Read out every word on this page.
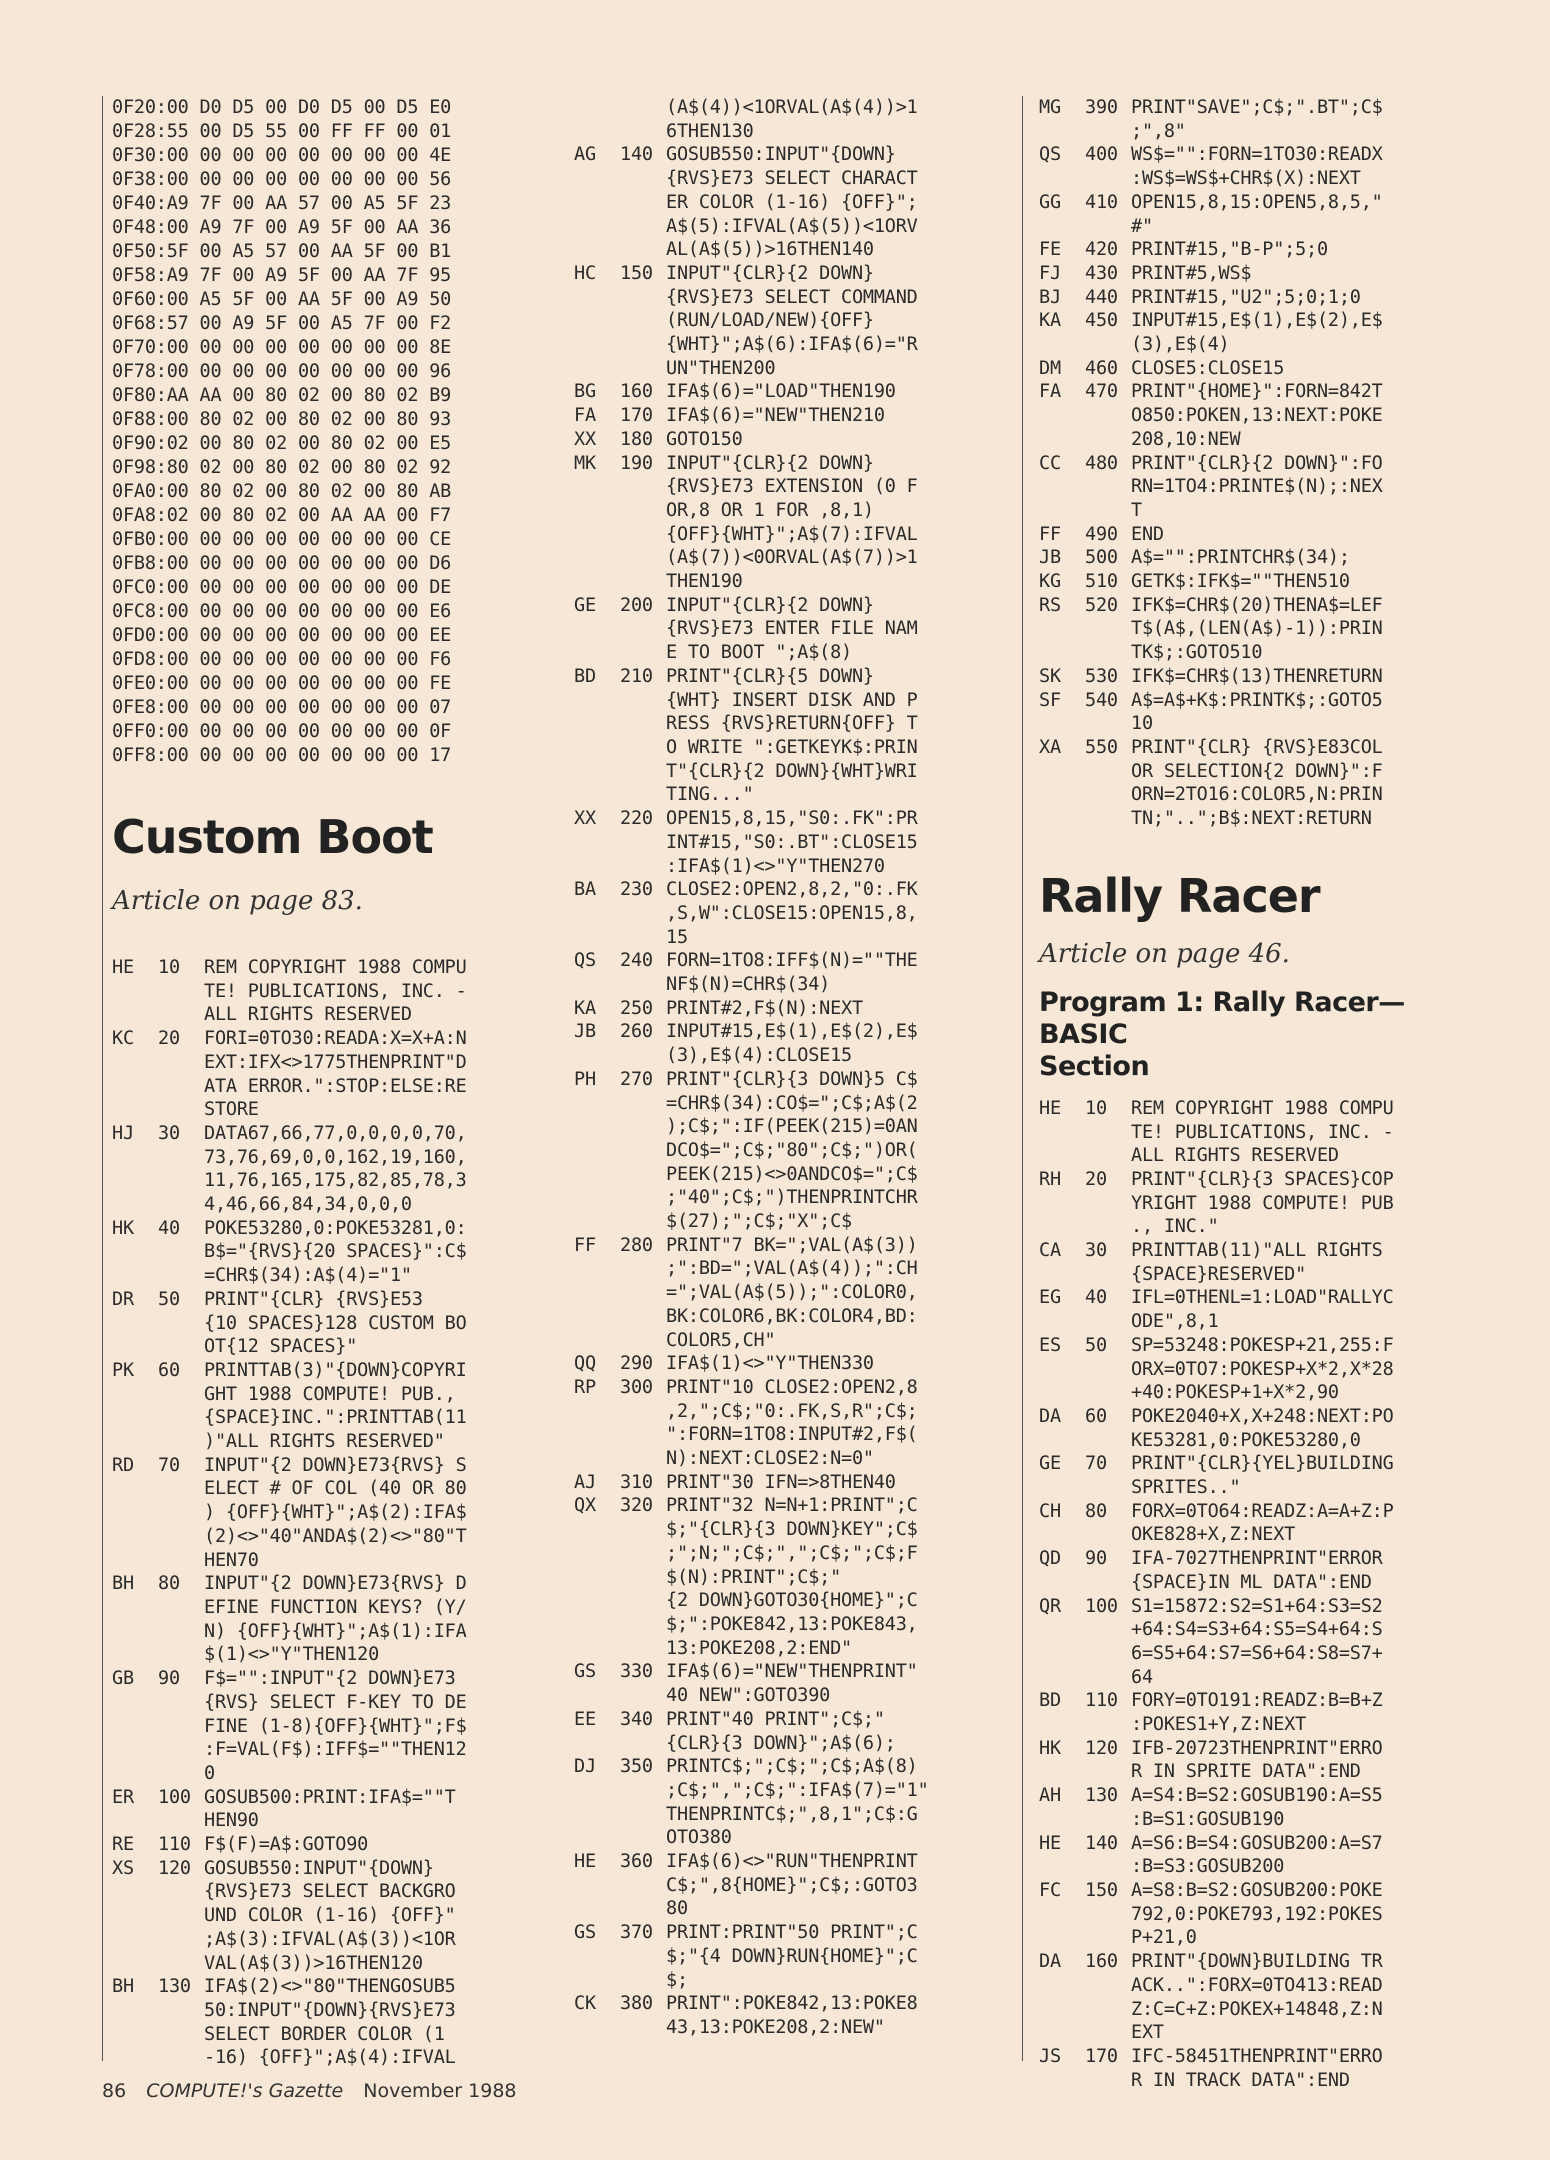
0F20:00 D0 D5 00 D0 D5 00 D5 E0
0F28:55 00 D5 55 00 FF FF 00 01
0F30:00 00 00 00 00 00 00 00 4E
0F38:00 00 00 00 00 00 00 00 56
0F40:A9 7F 00 AA 57 00 A5 5F 23
0F48:00 A9 7F 00 A9 5F 00 AA 36
0F50:5F 00 A5 57 00 AA 5F 00 B1
0F58:A9 7F 00 A9 5F 00 AA 7F 95
0F60:00 A5 5F 00 AA 5F 00 A9 50
0F68:57 00 A9 5F 00 A5 7F 00 F2
0F70:00 00 00 00 00 00 00 00 8E
0F78:00 00 00 00 00 00 00 00 96
0F80:AA AA 00 80 02 00 80 02 B9
0F88:00 80 02 00 80 02 00 80 93
0F90:02 00 80 02 00 80 02 00 E5
0F98:80 02 00 80 02 00 80 02 92
0FA0:00 80 02 00 80 02 00 80 AB
0FA8:02 00 80 02 00 AA AA 00 F7
0FB0:00 00 00 00 00 00 00 00 CE
0FB8:00 00 00 00 00 00 00 00 D6
0FC0:00 00 00 00 00 00 00 00 DE
0FC8:00 00 00 00 00 00 00 00 E6
0FD0:00 00 00 00 00 00 00 00 EE
0FD8:00 00 00 00 00 00 00 00 F6
0FE0:00 00 00 00 00 00 00 00 FE
0FE8:00 00 00 00 00 00 00 00 07
0FF0:00 00 00 00 00 00 00 00 0F
0FF8:00 00 00 00 00 00 00 00 17
Custom Boot

Article on page 83.

HE	10	REM COPYRIGHT 1988 COMPU
TE! PUBLICATIONS, INC. -
ALL RIGHTS RESERVED
KC	20	FORI=0TO30:READA:X=X+A:N
EXT:IFX<>1775THENPRINT"D
ATA ERROR.":STOP:ELSE:RE
STORE
HJ	30	DATA67,66,77,0,0,0,0,70,
73,76,69,0,0,162,19,160,
11,76,165,175,82,85,78,3
4,46,66,84,34,0,0,0
HK	40	POKE53280,0:POKE53281,0:
B$="{RVS}{20 SPACES}":C$
=CHR$(34):A$(4)="1"
DR	50	PRINT"{CLR} {RVS}E53
{10 SPACES}128 CUSTOM BO
OT{12 SPACES}"
PK	60	PRINTTAB(3)"{DOWN}COPYRI
GHT 1988 COMPUTE! PUB.,
{SPACE}INC.":PRINTTAB(11
)"ALL RIGHTS RESERVED"
RD	70	INPUT"{2 DOWN}E73{RVS} S
ELECT # OF COL (40 OR 80
) {OFF}{WHT}";A$(2):IFA$
(2)<>"40"ANDA$(2)<>"80"T
HEN70
BH	80	INPUT"{2 DOWN}E73{RVS} D
EFINE FUNCTION KEYS? (Y/
N) {OFF}{WHT}";A$(1):IFA
$(1)<>"Y"THEN120
GB	90	F$="":INPUT"{2 DOWN}E73
{RVS} SELECT F-KEY TO DE
FINE (1-8){OFF}{WHT}";F$
:F=VAL(F$):IFF$=""THEN12
0
ER	100 GOSUB500:PRINT:IFA$=""T
HEN90
RE	110 F$(F)=A$:GOTO90
XS	120 GOSUB550:INPUT"{DOWN}
{RVS}E73 SELECT BACKGRO
UND COLOR (1-16) {OFF}"
;A$(3):IFVAL(A$(3))<1OR
VAL(A$(3))>16THEN120
BH	130 IFA$(2)<>"80"THENGOSUB5
50:INPUT"{DOWN}{RVS}E73
SELECT BORDER COLOR (1
-16) {OFF}";A$(4):IFVAL
(A$(4))<1ORVAL(A$(4))>1
6THEN130
AG	140 GOSUB550:INPUT"{DOWN}
{RVS}E73 SELECT CHARACT
ER COLOR (1-16) {OFF}";
A$(5):IFVAL(A$(5))<1ORV
AL(A$(5))>16THEN140
HC	150 INPUT"{CLR}{2 DOWN}
{RVS}E73 SELECT COMMAND
(RUN/LOAD/NEW){OFF}
{WHT}";A$(6):IFA$(6)="R
UN"THEN200
BG	160 IFA$(6)="LOAD"THEN190
FA	170 IFA$(6)="NEW"THEN210
XX	180 GOTO150
MK	190 INPUT"{CLR}{2 DOWN}
{RVS}E73 EXTENSION (0 F
OR,8 OR 1 FOR ,8,1)
{OFF}{WHT}";A$(7):IFVAL
(A$(7))<0ORVAL(A$(7))>1
THEN190
GE	200 INPUT"{CLR}{2 DOWN}
{RVS}E73 ENTER FILE NAM
E TO BOOT ";A$(8)
BD	210 PRINT"{CLR}{5 DOWN}
{WHT} INSERT DISK AND P
RESS {RVS}RETURN{OFF} T
O WRITE ":GETKEYK$:PRIN
T"{CLR}{2 DOWN}{WHT}WRI
TING..."
XX	220 OPEN15,8,15,"S0:.FK":PR
INT#15,"S0:.BT":CLOSE15
:IFA$(1)<>"Y"THEN270
BA	230 CLOSE2:OPEN2,8,2,"0:.FK
,S,W":CLOSE15:OPEN15,8,
15
QS	240 FORN=1TO8:IFF$(N)=""THE
NF$(N)=CHR$(34)
KA	250 PRINT#2,F$(N):NEXT
JB	260 INPUT#15,E$(1),E$(2),E$
(3),E$(4):CLOSE15
PH	270 PRINT"{CLR}{3 DOWN}5 C$
=CHR$(34):CO$=";C$;A$(2
);C$;":IF(PEEK(215)=0AN
DCO$=";C$;"80";C$;")OR(
PEEK(215)<>0ANDCO$=";C$
;"40";C$;")THENPRINTCHR
$(27);";C$;"X";C$
FF	280 PRINT"7 BK=";VAL(A$(3))
;":BD=";VAL(A$(4));":CH
=";VAL(A$(5));":COLOR0,
BK:COLOR6,BK:COLOR4,BD:
COLOR5,CH"
QQ	290 IFA$(1)<>"Y"THEN330
RP	300 PRINT"10 CLOSE2:OPEN2,8
,2,";C$;"0:.FK,S,R";C$;
":FORN=1TO8:INPUT#2,F$(
N):NEXT:CLOSE2:N=0"
AJ	310 PRINT"30 IFN=>8THEN40
QX	320 PRINT"32 N=N+1:PRINT";C
$;"{CLR}{3 DOWN}KEY";C$
;";N;";C$;",";C$;";C$;F
$(N):PRINT";C$;"
{2 DOWN}GOTO30{HOME}";C
$;":POKE842,13:POKE843,
13:POKE208,2:END"
GS	330 IFA$(6)="NEW"THENPRINT"
40 NEW":GOTO390
EE	340 PRINT"40 PRINT";C$;"
{CLR}{3 DOWN}";A$(6);
DJ	350 PRINTC$;";C$;";C$;A$(8)
;C$;",";C$;":IFA$(7)="1"
THENPRINTC$;",8,1";C$:G
OTO380
HE	360 IFA$(6)<>"RUN"THENPRINT
C$;",8{HOME}";C$;:GOTO3
80
GS	370 PRINT:PRINT"50 PRINT";C
$;"{4 DOWN}RUN{HOME}";C
$;
CK	380 PRINT":POKE842,13:POKE8
43,13:POKE208,2:NEW"
MG	390 PRINT"SAVE";C$;".BT";C$
;",8"
QS	400 WS$="":FORN=1TO30:READX
:WS$=WS$+CHR$(X):NEXT
GG	410 OPEN15,8,15:OPEN5,8,5,"
#"
FE	420 PRINT#15,"B-P";5;0
FJ	430 PRINT#5,WS$
BJ	440 PRINT#15,"U2";5;0;1;0
KA	450 INPUT#15,E$(1),E$(2),E$
(3),E$(4)
DM	460 CLOSE5:CLOSE15
FA	470 PRINT"{HOME}":FORN=842T
O850:POKEN,13:NEXT:POKE
208,10:NEW
CC	480 PRINT"{CLR}{2 DOWN}":FO
RN=1TO4:PRINTE$(N);:NEX
T
FF	490 END
JB	500 A$="":PRINTCHR$(34);
KG	510 GETK$:IFK$=""THEN510
RS	520 IFK$=CHR$(20)THENA$=LEF
T$(A$,(LEN(A$)-1)):PRIN
TK$;:GOTO510
SK	530 IFK$=CHR$(13)THENRETURN
SF	540 A$=A$+K$:PRINTK$;:GOTO5
10
XA	550 PRINT"{CLR} {RVS}E83COL
OR SELECTION{2 DOWN}":F
ORN=2TO16:COLOR5,N:PRIN
TN;"..";B$:NEXT:RETURN
Rally Racer

Article on page 46.

Program 1: Rally Racer—BASIC
Section
HE	10	REM COPYRIGHT 1988 COMPU
TE! PUBLICATIONS, INC. -
ALL RIGHTS RESERVED
RH	20	PRINT"{CLR}{3 SPACES}COP
YRIGHT 1988 COMPUTE! PUB
., INC."
CA	30	PRINTTAB(11)"ALL RIGHTS
{SPACE}RESERVED"
EG	40	IFL=0THENL=1:LOAD"RALLYC
ODE",8,1
ES	50	SP=53248:POKESP+21,255:F
ORX=0TO7:POKESP+X*2,X*28
+40:POKESP+1+X*2,90
DA	60	POKE2040+X,X+248:NEXT:PO
KE53281,0:POKE53280,0
GE	70	PRINT"{CLR}{YEL}BUILDING
SPRITES.."
CH	80	FORX=0TO64:READZ:A=A+Z:P
OKE828+X,Z:NEXT
QD	90	IFA-7027THENPRINT"ERROR
{SPACE}IN ML DATA":END
QR	100 S1=15872:S2=S1+64:S3=S2
+64:S4=S3+64:S5=S4+64:S
6=S5+64:S7=S6+64:S8=S7+
64
BD	110 FORY=0TO191:READZ:B=B+Z
:POKES1+Y,Z:NEXT
HK	120 IFB-20723THENPRINT"ERRO
R IN SPRITE DATA":END
AH	130 A=S4:B=S2:GOSUB190:A=S5
:B=S1:GOSUB190
HE	140 A=S6:B=S4:GOSUB200:A=S7
:B=S3:GOSUB200
FC	150 A=S8:B=S2:GOSUB200:POKE
792,0:POKE793,192:POKES
P+21,0
DA	160 PRINT"{DOWN}BUILDING TR
ACK..":FORX=0TO413:READ
Z:C=C+Z:POKEX+14848,Z:N
EXT
JS	170 IFC-58451THENPRINT"ERRO
R IN TRACK DATA":END
86 COMPUTE!'s Gazette November 1988
